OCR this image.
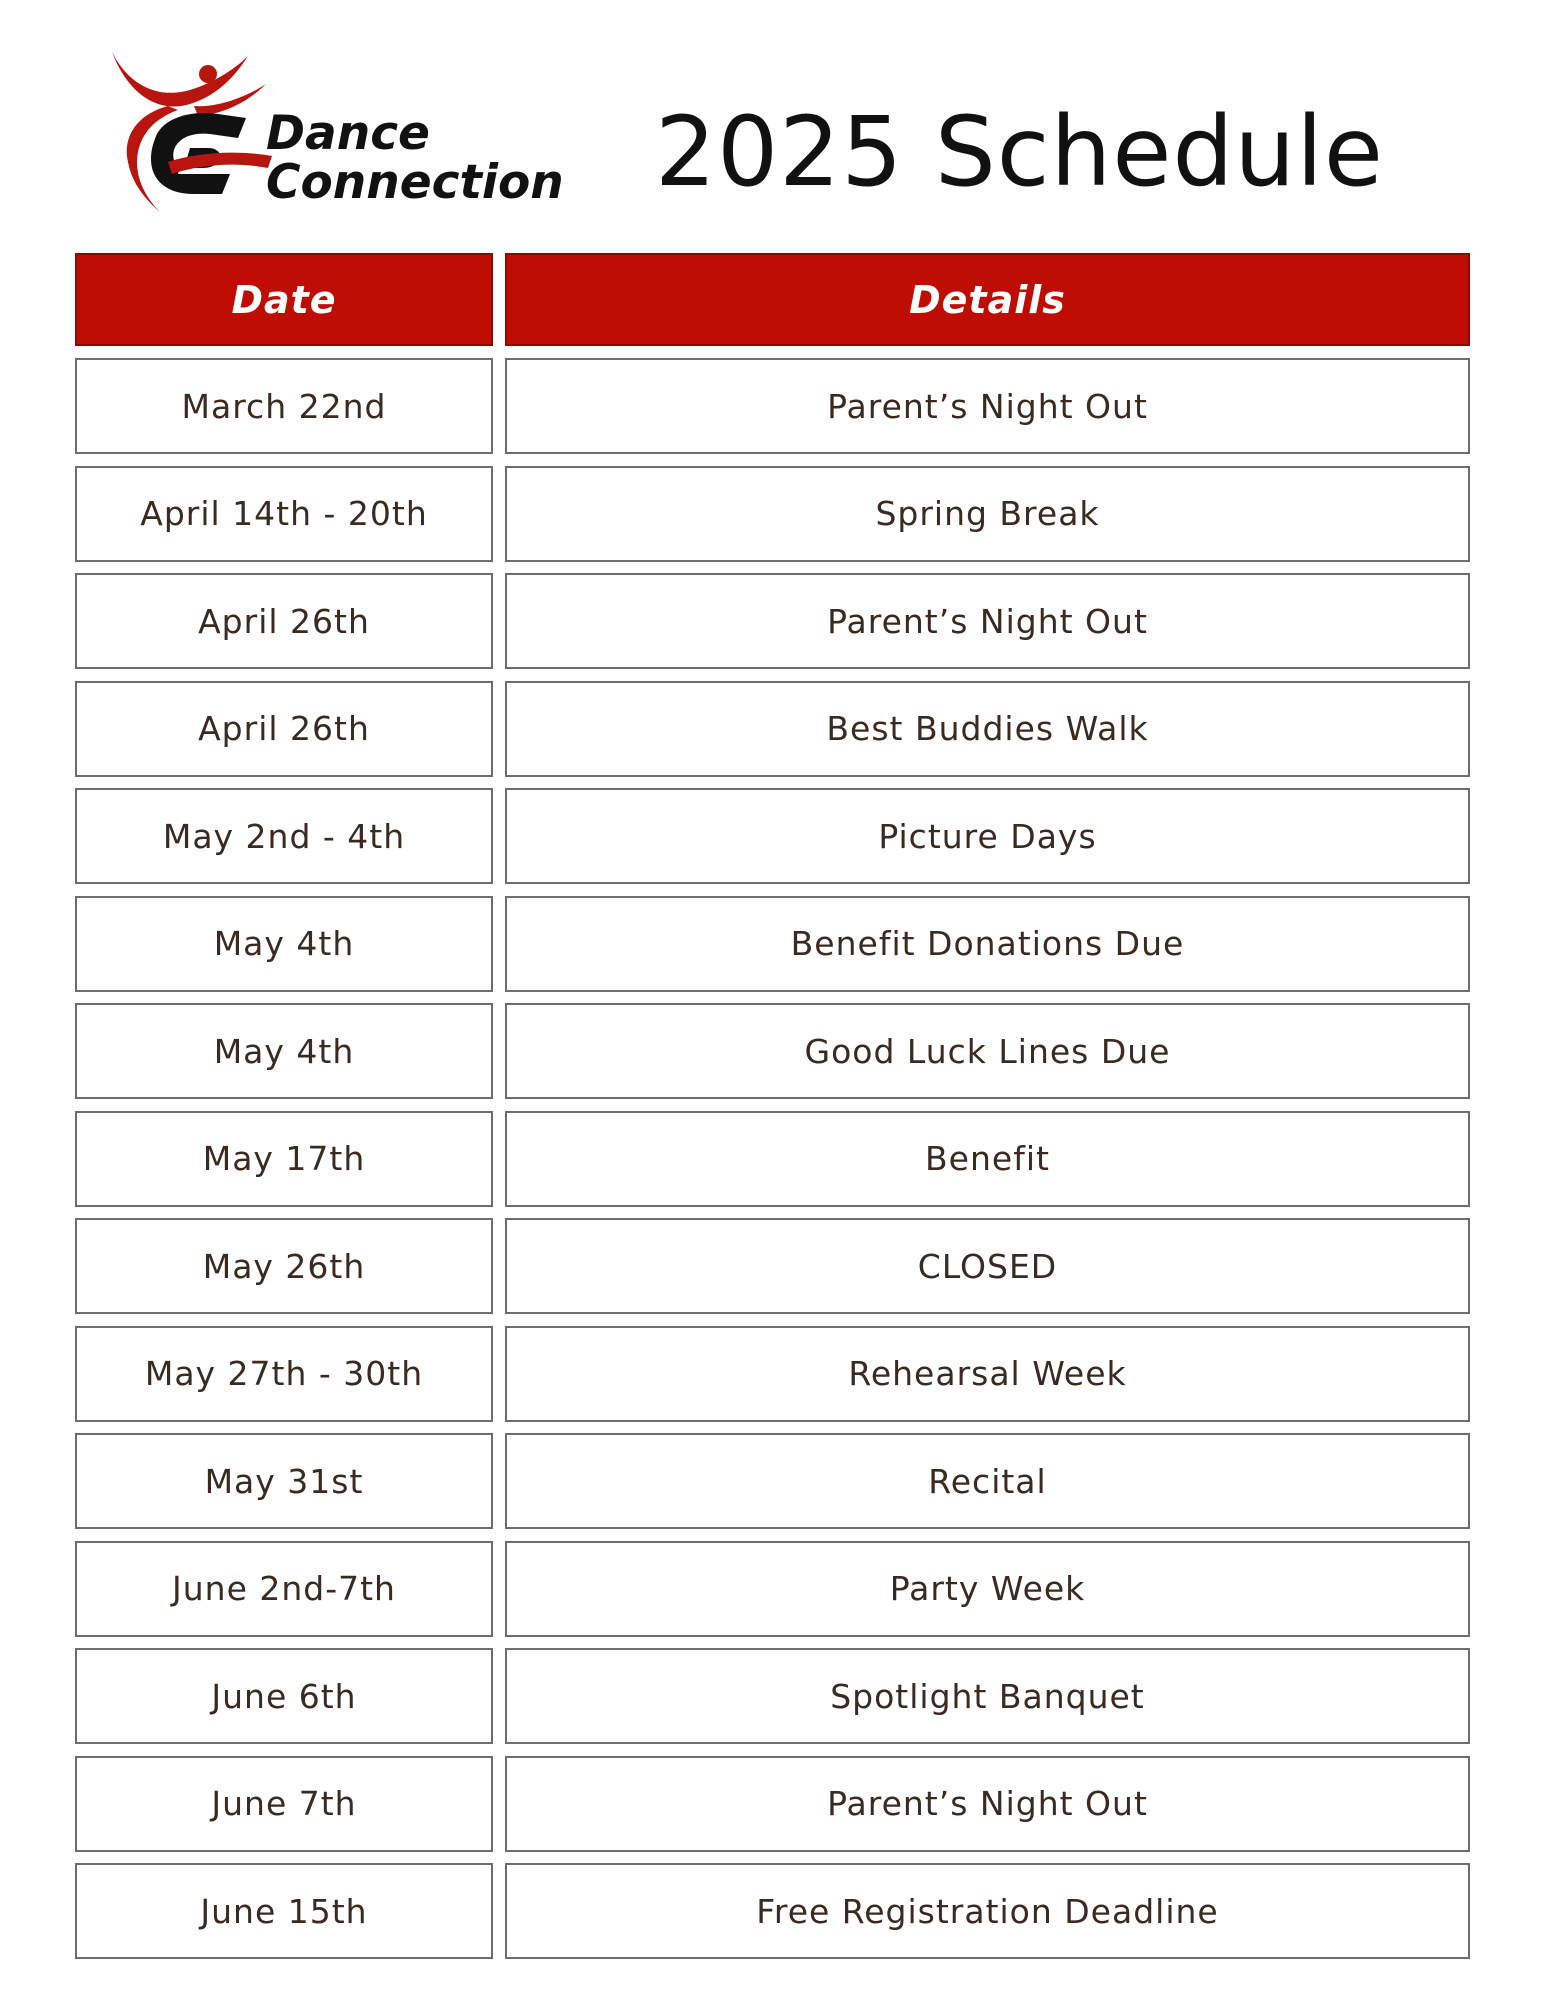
Dance
Connection 2025 Schedule
Date	Details
March 22nd	Parent’s Night Out
April 14th - 20th	Spring Break
April 26th	Parent’s Night Out
April 26th	Best Buddies Walk
May 2nd - 4th	Picture Days
May 4th	Benefit Donations Due
May 4th	Good Luck Lines Due
May 17th	Benefit
May 26th	CLOSED
May 27th - 30th	Rehearsal Week
May 31st	Recital
June 2nd-7th	Party Week
June 6th	Spotlight Banquet
June 7th	Parent’s Night Out
June 15th	Free Registration Deadline
